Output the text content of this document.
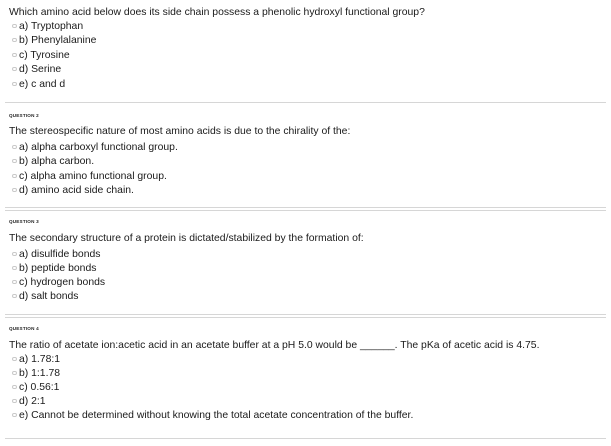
Which amino acid below does its side chain possess a phenolic hydroxyl functional group?
a) Tryptophan
b) Phenylalanine
c) Tyrosine
d) Serine
e) c and d
QUESTION 2
The stereospecific nature of most amino acids is due to the chirality of the:
a) alpha carboxyl functional group.
b) alpha carbon.
c) alpha amino functional group.
d) amino acid side chain.
QUESTION 3
The secondary structure of a protein is dictated/stabilized by the formation of:
a) disulfide bonds
b) peptide bonds
c) hydrogen bonds
d) salt bonds
QUESTION 4
The ratio of acetate ion:acetic acid in an acetate buffer at a pH 5.0 would be ______. The pKa of acetic acid is 4.75.
a) 1.78:1
b) 1:1.78
c) 0.56:1
d) 2:1
e) Cannot be determined without knowing the total acetate concentration of the buffer.
